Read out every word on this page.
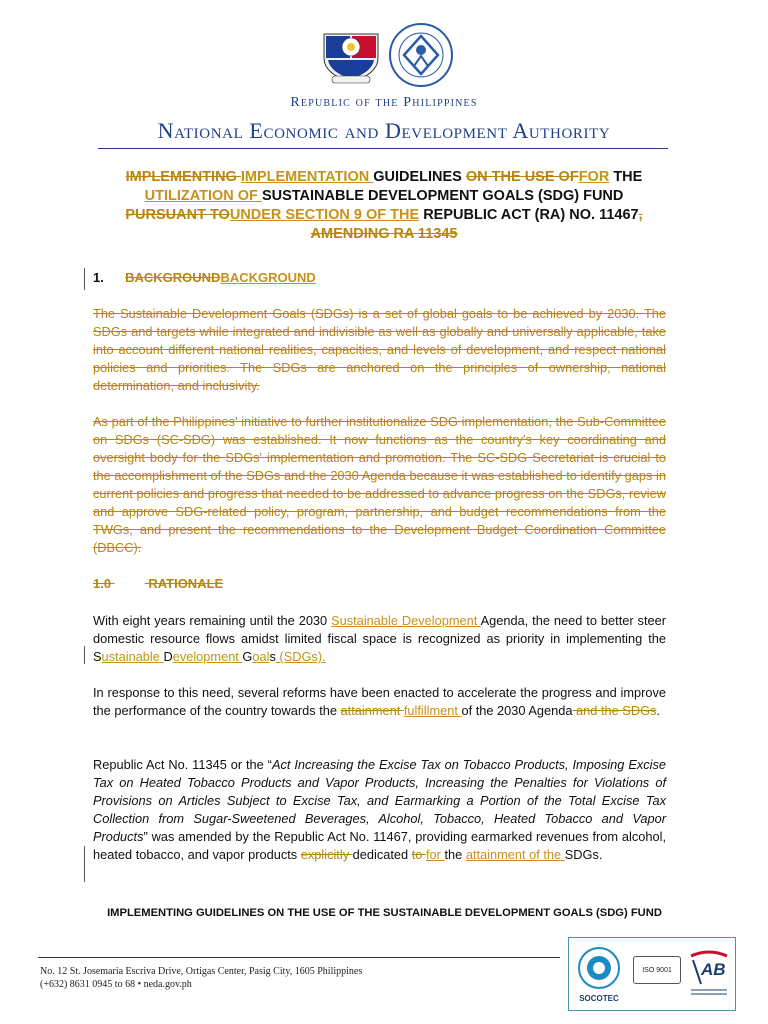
Republic of the Philippines
National Economic and Development Authority
IMPLEMENTING IMPLEMENTATION GUIDELINES ON THE USE OFFOR THE
UTILIZATION OF SUSTAINABLE DEVELOPMENT GOALS (SDG) FUND
PURSUANT TOUNDER SECTION 9 OF THE REPUBLIC ACT (RA) NO. 11467,
AMENDING RA 11345
1. BACKGROUNDBACKGROUND
The Sustainable Development Goals (SDGs) is a set of global goals to be achieved by 2030. The SDGs and targets while integrated and indivisible as well as globally and universally applicable, take into account different national realities, capacities, and levels of development, and respect national policies and priorities. The SDGs are anchored on the principles of ownership, national determination, and inclusivity.
As part of the Philippines' initiative to further institutionalize SDG implementation, the Sub-Committee on SDGs (SC-SDG) was established. It now functions as the country's key coordinating and oversight body for the SDGs' implementation and promotion. The SC-SDG Secretariat is crucial to the accomplishment of the SDGs and the 2030 Agenda because it was established to identify gaps in current policies and progress that needed to be addressed to advance progress on the SDGs, review and approve SDG-related policy, program, partnership, and budget recommendations from the TWGs, and present the recommendations to the Development Budget Coordination Committee (DBCC).
1.0	RATIONALE
With eight years remaining until the 2030 Sustainable Development Agenda, the need to better steer domestic resource flows amidst limited fiscal space is recognized as priority in implementing the Sustainable Development Goals (SDGs).
In response to this need, several reforms have been enacted to accelerate the progress and improve the performance of the country towards the attainment fulfillment of the 2030 Agenda and the SDGs.
Republic Act No. 11345 or the “Act Increasing the Excise Tax on Tobacco Products, Imposing Excise Tax on Heated Tobacco Products and Vapor Products, Increasing the Penalties for Violations of Provisions on Articles Subject to Excise Tax, and Earmarking a Portion of the Total Excise Tax Collection from Sugar-Sweetened Beverages, Alcohol, Tobacco, Heated Tobacco and Vapor Products” was amended by the Republic Act No. 11467, providing earmarked revenues from alcohol, heated tobacco, and vapor products explicitly dedicated to for the attainment of the SDGs.
IMPLEMENTING GUIDELINES ON THE USE OF THE SUSTAINABLE DEVELOPMENT GOALS (SDG) FUND
No. 12 St. Josemaria Escriva Drive, Ortigas Center, Pasig City, 1605 Philippines
(+632) 8631 0945 to 68 • neda.gov.ph
SOCOTEC
ISO 9001 AB
